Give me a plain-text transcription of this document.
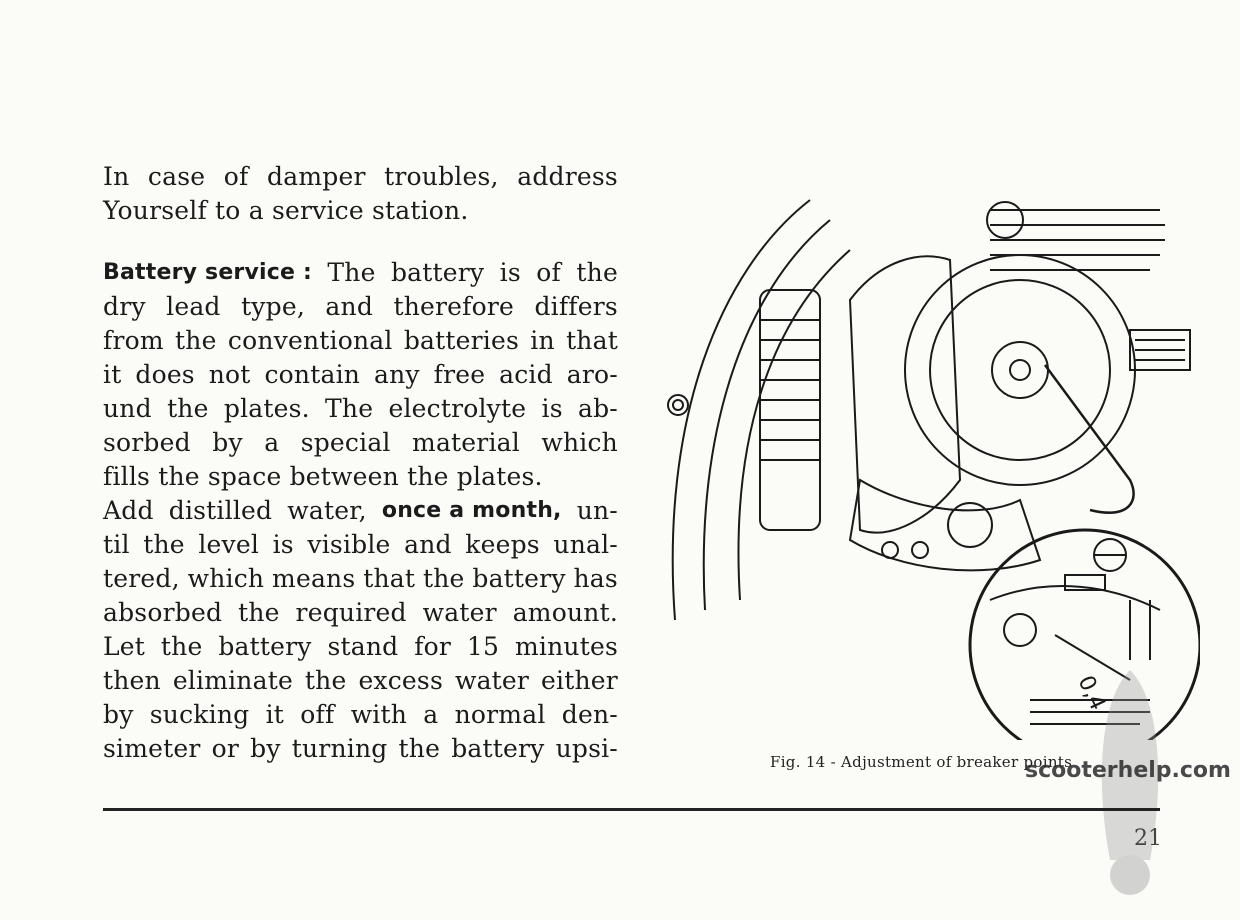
In case of damper troubles, address
Yourself to a service station.
Battery service : The battery is of the
dry lead type, and therefore differs
from the conventional batteries in that
it does not contain any free acid aro-
und the plates. The electrolyte is ab-
sorbed by a special material which
fills the space between the plates.
Add distilled water, once a month, un-
til the level is visible and keeps unal-
tered, which means that the battery has
absorbed the required water amount.
Let the battery stand for 15 minutes
then eliminate the excess water either
by sucking it off with a normal den-
simeter or by turning the battery upsi-
0,4
Fig. 14 - Adjustment of breaker points
scooterhelp.com
21
